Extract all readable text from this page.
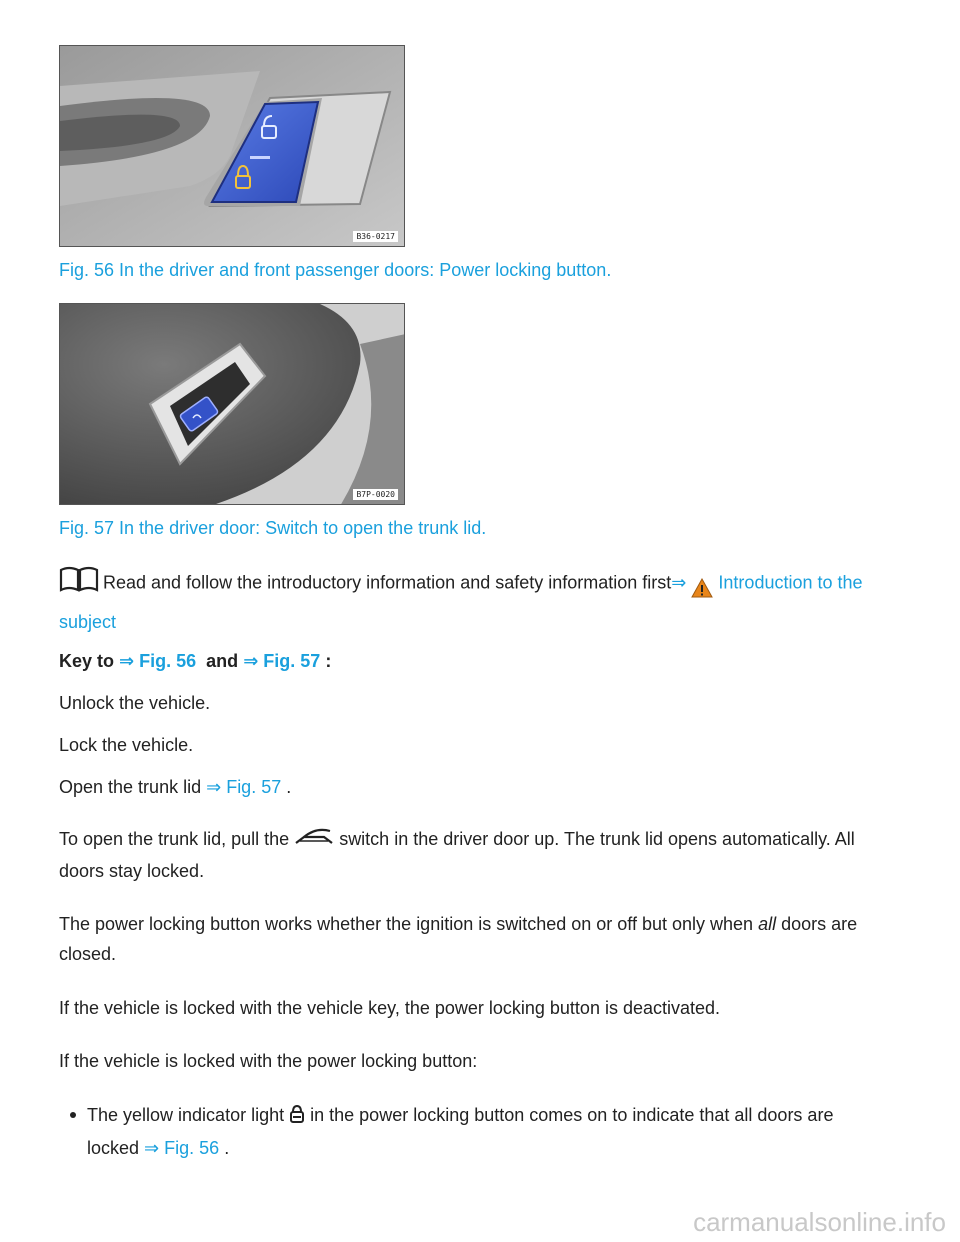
B36-0217
Fig. 56 In the driver and front passenger doors: Power locking button.
B7P-0020
Fig. 57 In the driver door: Switch to open the trunk lid.
Read and follow the introductory information and safety information first⇒ Introduction to the
subject
Key to ⇒ Fig. 56 and ⇒ Fig. 57 :
Unlock the vehicle.
Lock the vehicle.
Open the trunk lid ⇒ Fig. 57 .
To open the trunk lid, pull the	switch in the driver door up. The trunk lid opens automatically. All
doors stay locked.
The power locking button works whether the ignition is switched on or off but only when all doors are
closed.
If the vehicle is locked with the vehicle key, the power locking button is deactivated.
If the vehicle is locked with the power locking button:
The yellow indicator light in the power locking button comes on to indicate that all doors are
locked ⇒ Fig. 56 .
carmanualsonline.info
